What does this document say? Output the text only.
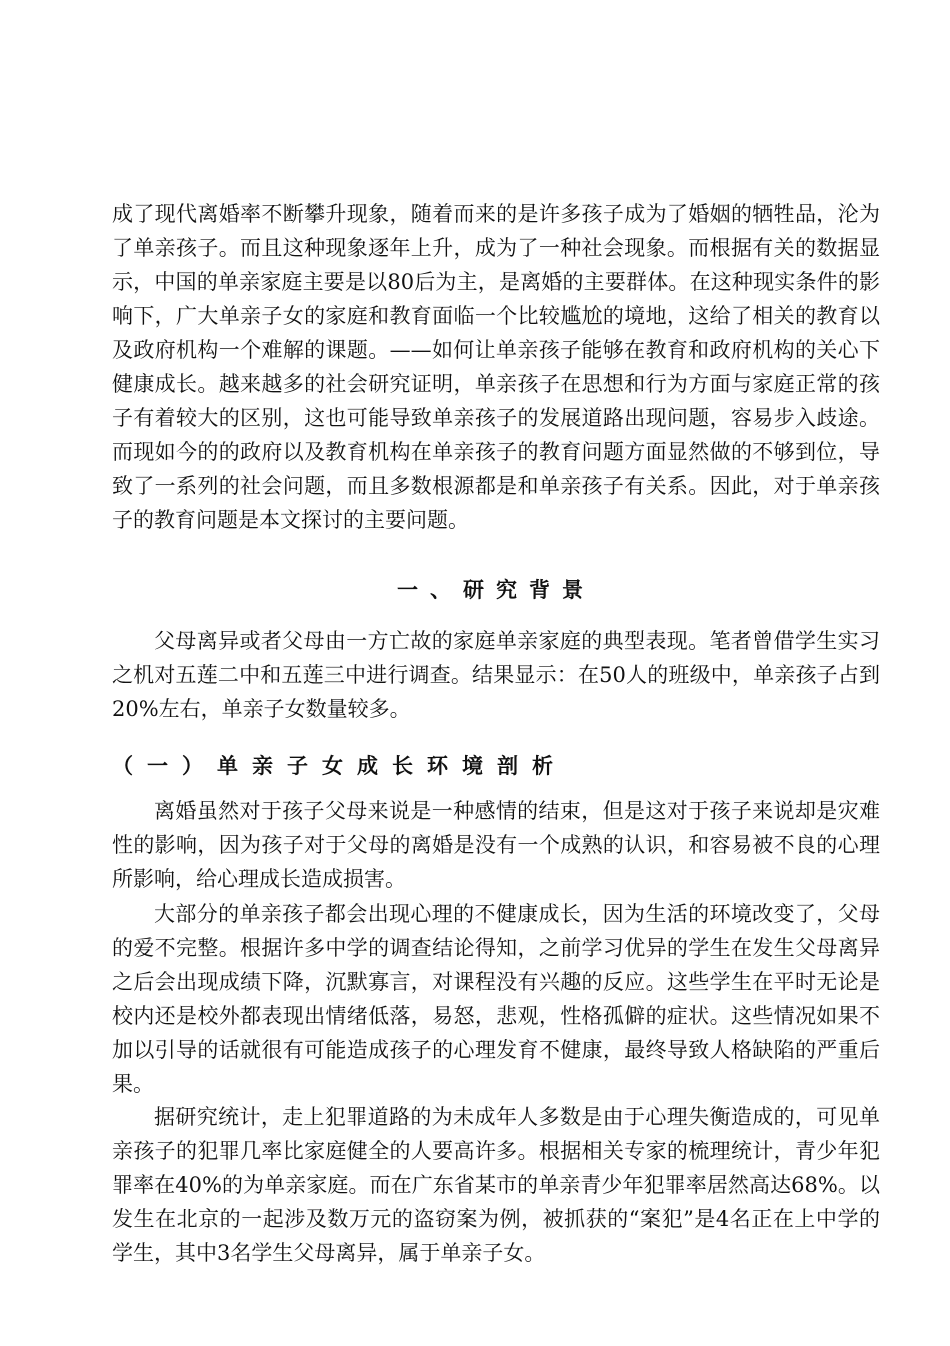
成了现代离婚率不断攀升现象，随着而来的是许多孩子成为了婚姻的牺牲品，沦为了单亲孩子。而且这种现象逐年上升，成为了一种社会现象。而根据有关的数据显示，中国的单亲家庭主要是以80后为主，是离婚的主要群体。在这种现实条件的影响下，广大单亲子女的家庭和教育面临一个比较尴尬的境地，这给了相关的教育以及政府机构一个难解的课题。——如何让单亲孩子能够在教育和政府机构的关心下健康成长。越来越多的社会研究证明，单亲孩子在思想和行为方面与家庭正常的孩子有着较大的区别，这也可能导致单亲孩子的发展道路出现问题，容易步入歧途。而现如今的的政府以及教育机构在单亲孩子的教育问题方面显然做的不够到位，导致了一系列的社会问题，而且多数根源都是和单亲孩子有关系。因此，对于单亲孩子的教育问题是本文探讨的主要问题。

一、研究背景

父母离异或者父母由一方亡故的家庭单亲家庭的典型表现。笔者曾借学生实习之机对五莲二中和五莲三中进行调查。结果显示：在50人的班级中，单亲孩子占到20%左右，单亲子女数量较多。

（一）单亲子女成长环境剖析

离婚虽然对于孩子父母来说是一种感情的结束，但是这对于孩子来说却是灾难性的影响，因为孩子对于父母的离婚是没有一个成熟的认识，和容易被不良的心理所影响，给心理成长造成损害。

大部分的单亲孩子都会出现心理的不健康成长，因为生活的环境改变了，父母的爱不完整。根据许多中学的调查结论得知，之前学习优异的学生在发生父母离异之后会出现成绩下降，沉默寡言，对课程没有兴趣的反应。这些学生在平时无论是校内还是校外都表现出情绪低落，易怒，悲观，性格孤僻的症状。这些情况如果不加以引导的话就很有可能造成孩子的心理发育不健康，最终导致人格缺陷的严重后果。

据研究统计，走上犯罪道路的为未成年人多数是由于心理失衡造成的，可见单亲孩子的犯罪几率比家庭健全的人要高许多。根据相关专家的梳理统计，青少年犯罪率在40%的为单亲家庭。而在广东省某市的单亲青少年犯罪率居然高达68%。以发生在北京的一起涉及数万元的盗窃案为例，被抓获的“案犯”是4名正在上中学的学生，其中3名学生父母离异，属于单亲子女。
